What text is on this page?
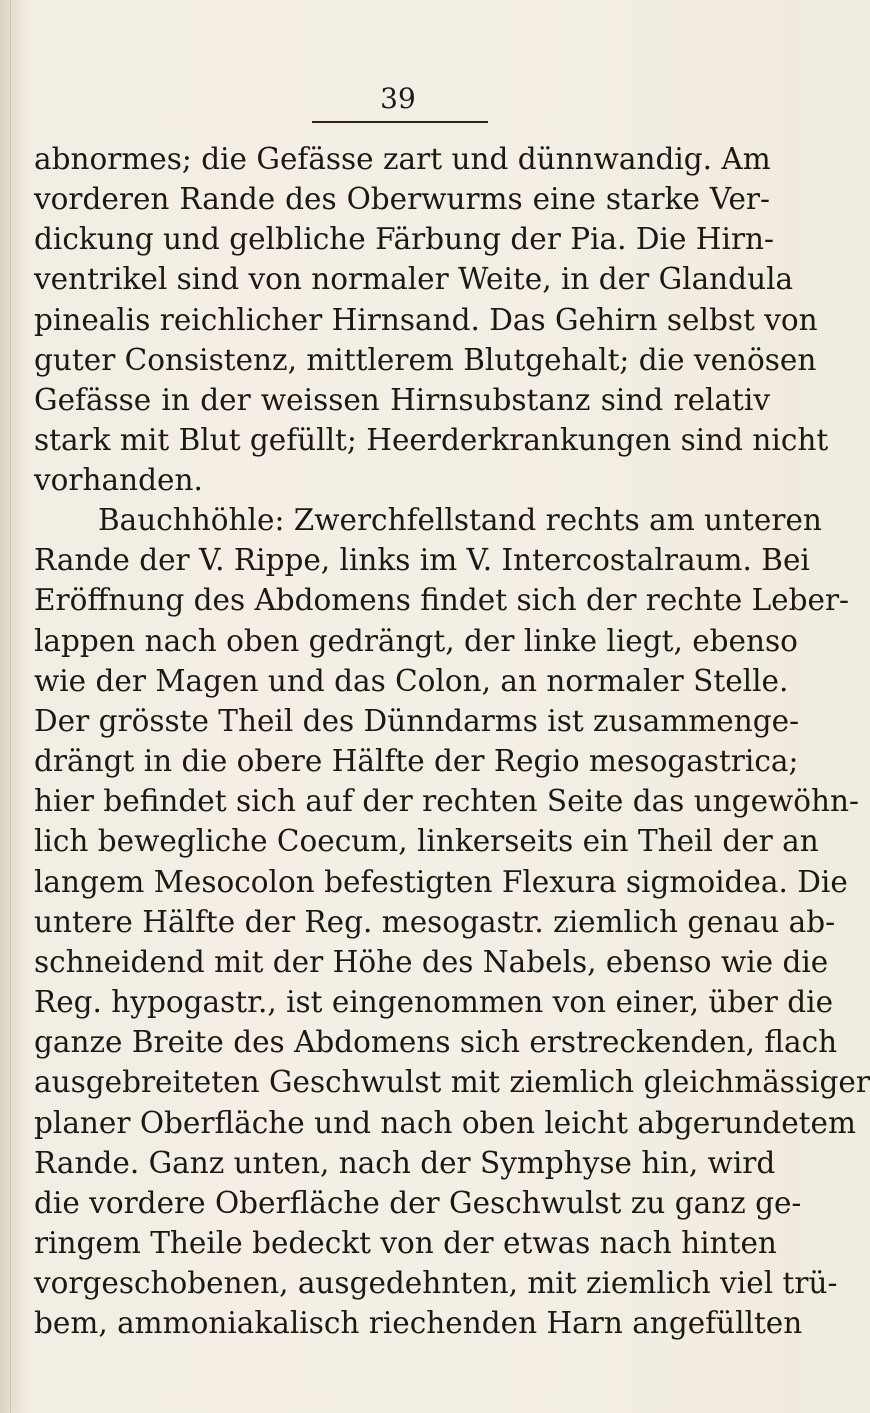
39

abnormes; die Gefässe zart und dünnwandig. Am

vorderen Rande des Oberwurms eine starke Ver-

dickung und gelbliche Färbung der Pia. Die Hirn-

ventrikel sind von normaler Weite, in der Glandula

pinealis reichlicher Hirnsand. Das Gehirn selbst von

guter Consistenz, mittlerem Blutgehalt; die venösen

Gefässe in der weissen Hirnsubstanz sind relativ

stark mit Blut gefüllt; Heerderkrankungen sind nicht

vorhanden.

Bauchhöhle: Zwerchfellstand rechts am unteren

Rande der V. Rippe, links im V. Intercostalraum. Bei

Eröffnung des Abdomens findet sich der rechte Leber-

lappen nach oben gedrängt, der linke liegt, ebenso

wie der Magen und das Colon, an normaler Stelle.

Der grösste Theil des Dünndarms ist zusammenge-

drängt in die obere Hälfte der Regio mesogastrica;

hier befindet sich auf der rechten Seite das ungewöhn-

lich bewegliche Coecum, linkerseits ein Theil der an

langem Mesocolon befestigten Flexura sigmoidea. Die

untere Hälfte der Reg. mesogastr. ziemlich genau ab-

schneidend mit der Höhe des Nabels, ebenso wie die

Reg. hypogastr., ist eingenommen von einer, über die

ganze Breite des Abdomens sich erstreckenden, flach

ausgebreiteten Geschwulst mit ziemlich gleichmässiger

planer Oberfläche und nach oben leicht abgerundetem

Rande. Ganz unten, nach der Symphyse hin, wird

die vordere Oberfläche der Geschwulst zu ganz ge-

ringem Theile bedeckt von der etwas nach hinten

vorgeschobenen, ausgedehnten, mit ziemlich viel trü-

bem, ammoniakalisch riechenden Harn angefüllten
